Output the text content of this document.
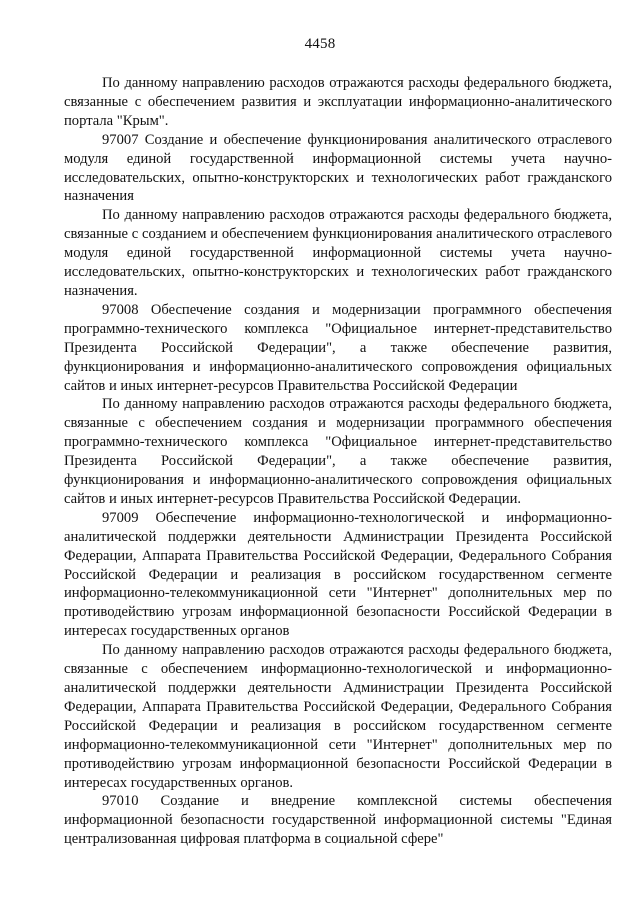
4458

По данному направлению расходов отражаются расходы федерального бюджета, связанные с обеспечением развития и эксплуатации информационно-аналитического портала "Крым".

97007 Создание и обеспечение функционирования аналитического отраслевого модуля единой государственной информационной системы учета научно-исследовательских, опытно-конструкторских и технологических работ гражданского назначения

По данному направлению расходов отражаются расходы федерального бюджета, связанные с созданием и обеспечением функционирования аналитического отраслевого модуля единой государственной информационной системы учета научно-исследовательских, опытно-конструкторских и технологических работ гражданского назначения.

97008 Обеспечение создания и модернизации программного обеспечения программно-технического комплекса "Официальное интернет-представительство Президента Российской Федерации", а также обеспечение развития, функционирования и информационно-аналитического сопровождения официальных сайтов и иных интернет-ресурсов Правительства Российской Федерации

По данному направлению расходов отражаются расходы федерального бюджета, связанные с обеспечением создания и модернизации программного обеспечения программно-технического комплекса "Официальное интернет-представительство Президента Российской Федерации", а также обеспечение развития, функционирования и информационно-аналитического сопровождения официальных сайтов и иных интернет-ресурсов Правительства Российской Федерации.

97009 Обеспечение информационно-технологической и информационно-аналитической поддержки деятельности Администрации Президента Российской Федерации, Аппарата Правительства Российской Федерации, Федерального Собрания Российской Федерации и реализация в российском государственном сегменте информационно-телекоммуникационной сети "Интернет" дополнительных мер по противодействию угрозам информационной безопасности Российской Федерации в интересах государственных органов

По данному направлению расходов отражаются расходы федерального бюджета, связанные с обеспечением информационно-технологической и информационно-аналитической поддержки деятельности Администрации Президента Российской Федерации, Аппарата Правительства Российской Федерации, Федерального Собрания Российской Федерации и реализация в российском государственном сегменте информационно-телекоммуникационной сети "Интернет" дополнительных мер по противодействию угрозам информационной безопасности Российской Федерации в интересах государственных органов.

97010 Создание и внедрение комплексной системы обеспечения информационной безопасности государственной информационной системы "Единая централизованная цифровая платформа в социальной сфере"
